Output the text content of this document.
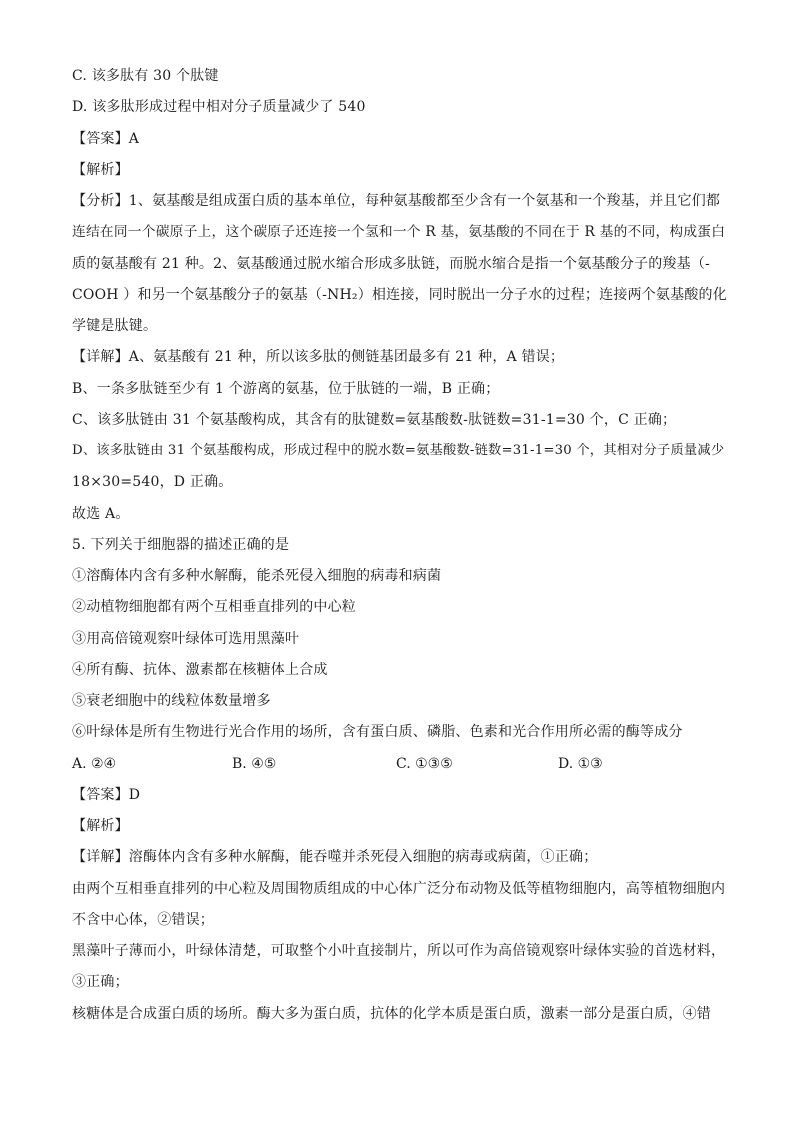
C. 该多肽有 30 个肽键
D. 该多肽形成过程中相对分子质量减少了 540
【答案】A
【解析】
【分析】1、氨基酸是组成蛋白质的基本单位，每种氨基酸都至少含有一个氨基和一个羧基，并且它们都
连结在同一个碳原子上，这个碳原子还连接一个氢和一个 R 基，氨基酸的不同在于 R 基的不同，构成蛋白
质的氨基酸有 21 种。2、氨基酸通过脱水缩合形成多肽链，而脱水缩合是指一个氨基酸分子的羧基（-
COOH ）和另一个氨基酸分子的氨基（-NH₂）相连接，同时脱出一分子水的过程；连接两个氨基酸的化
学键是肽键。
【详解】A、氨基酸有 21 种，所以该多肽的侧链基团最多有 21 种，A 错误；
B、一条多肽链至少有 1 个游离的氨基，位于肽链的一端，B 正确；
C、该多肽链由 31 个氨基酸构成，其含有的肽键数=氨基酸数-肽链数=31-1=30 个，C 正确；
D、该多肽链由 31 个氨基酸构成，形成过程中的脱水数=氨基酸数-链数=31-1=30 个，其相对分子质量减少
18×30=540，D 正确。
故选 A。
5. 下列关于细胞器的描述正确的是
①溶酶体内含有多种水解酶，能杀死侵入细胞的病毒和病菌
②动植物细胞都有两个互相垂直排列的中心粒
③用高倍镜观察叶绿体可选用黑藻叶
④所有酶、抗体、激素都在核糖体上合成
⑤衰老细胞中的线粒体数量增多
⑥叶绿体是所有生物进行光合作用的场所，含有蛋白质、磷脂、色素和光合作用所必需的酶等成分
A. ②④	B. ④⑤	C. ①③⑤	D. ①③
【答案】D
【解析】
【详解】溶酶体内含有多种水解酶，能吞噬并杀死侵入细胞的病毒或病菌，①正确；
由两个互相垂直排列的中心粒及周围物质组成的中心体广泛分布动物及低等植物细胞内，高等植物细胞内
不含中心体，②错误；
黑藻叶子薄而小，叶绿体清楚，可取整个小叶直接制片，所以可作为高倍镜观察叶绿体实验的首选材料，
③正确；
核糖体是合成蛋白质的场所。酶大多为蛋白质，抗体的化学本质是蛋白质，激素一部分是蛋白质，④错
